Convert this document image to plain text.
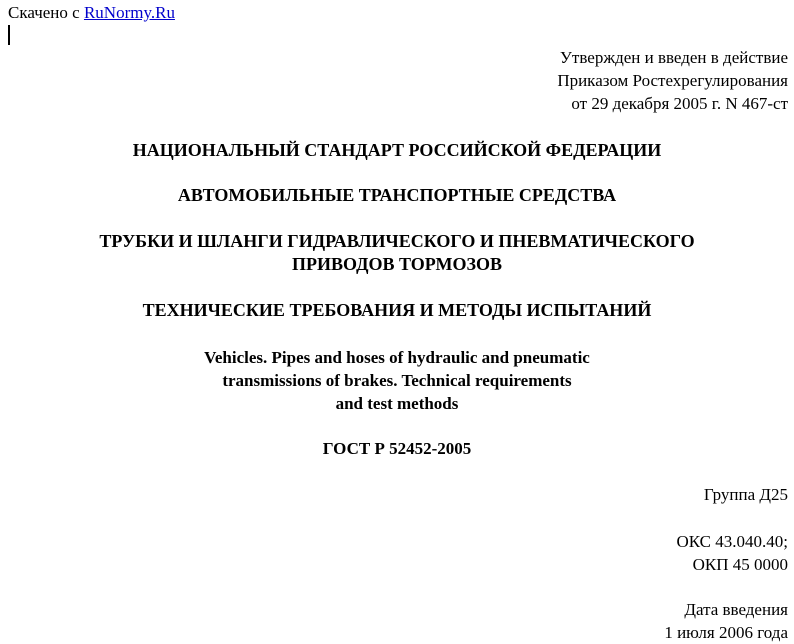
Скачено с RuNormy.Ru
Утвержден и введен в действие
Приказом Ростехрегулирования
от 29 декабря 2005 г. N 467-ст
НАЦИОНАЛЬНЫЙ СТАНДАРТ РОССИЙСКОЙ ФЕДЕРАЦИИ
АВТОМОБИЛЬНЫЕ ТРАНСПОРТНЫЕ СРЕДСТВА
ТРУБКИ И ШЛАНГИ ГИДРАВЛИЧЕСКОГО И ПНЕВМАТИЧЕСКОГО
ПРИВОДОВ ТОРМОЗОВ
ТЕХНИЧЕСКИЕ ТРЕБОВАНИЯ И МЕТОДЫ ИСПЫТАНИЙ
Vehicles. Pipes and hoses of hydraulic and pneumatic
transmissions of brakes. Technical requirements
and test methods
ГОСТ Р 52452-2005
Группа Д25
ОКС 43.040.40;
ОКП 45 0000
Дата введения
1 июля 2006 года
